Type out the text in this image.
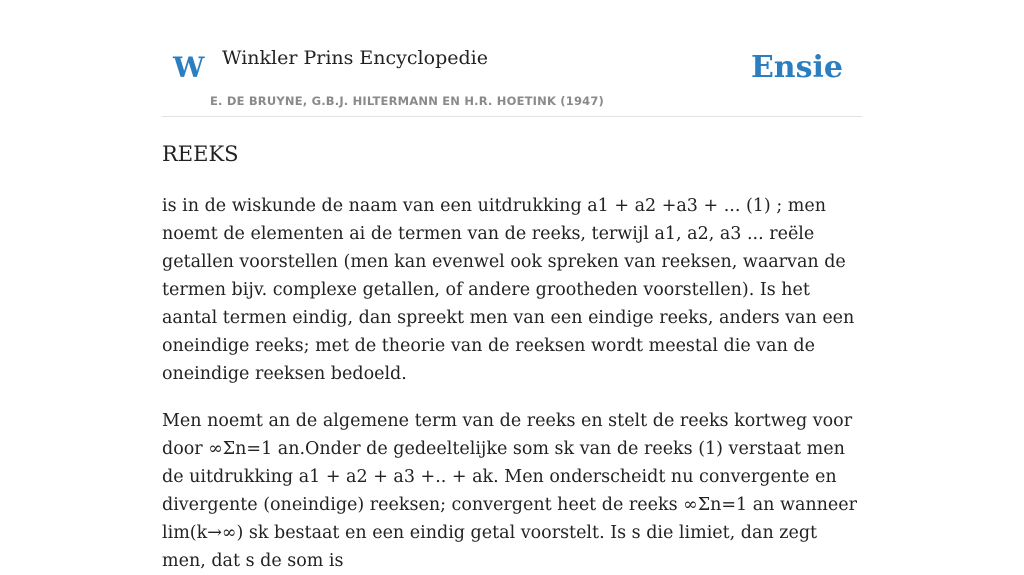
W Winkler Prins Encyclopedie
E. DE BRUYNE, G.B.J. HILTERMANN EN H.R. HOETINK (1947)
Ensie
REEKS

is in de wiskunde de naam van een uitdrukking a1 + a2 +a3 + ... (1) ; men noemt de elementen ai de termen van de reeks, terwijl a1, a2, a3 ... reële getallen voorstellen (men kan evenwel ook spreken van reeksen, waarvan de termen bijv. complexe getallen, of andere grootheden voorstellen). Is het aantal termen eindig, dan spreekt men van een eindige reeks, anders van een oneindige reeks; met de theorie van de reeksen wordt meestal die van de oneindige reeksen bedoeld.

Men noemt an de algemene term van de reeks en stelt de reeks kortweg voor door ∞Σn=1 an.Onder de gedeeltelijke som sk van de reeks (1) verstaat men de uitdrukking a1 + a2 + a3 +.. + ak. Men onderscheidt nu convergente en divergente (oneindige) reeksen; convergent heet de reeks ∞Σn=1 an wanneer lim(k→∞) sk bestaat en een eindig getal voorstelt. Is s die limiet, dan zegt men, dat s de som is
